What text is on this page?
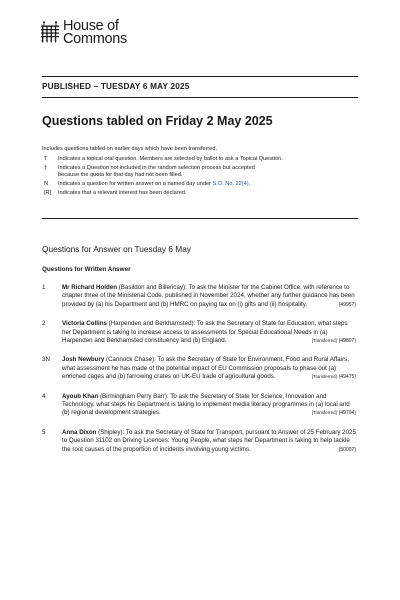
House of
Commons
PUBLISHED – TUESDAY 6 MAY 2025
Questions tabled on Friday 2 May 2025
Includes questions tabled on earlier days which have been transferred.
T	Indicates a topical oral question. Members are selected by ballot to ask a Topical Question.
†	Indicates a Question not included in the random selection process but accepted because the quota for that day had not been filled.
N	Indicates a question for written answer on a named day under S.O. No. 22(4).
[R]	Indicates that a relevant interest has been declared.
Questions for Answer on Tuesday 6 May
Questions for Written Answer
1	Mr Richard Holden (Basildon and Billericay): To ask the Minister for the Cabinet Office, with reference to chapter three of the Ministerial Code, published in November 2024, whether any further guidance has been provided by (a) his Department and (b) HMRC on paying tax on (i) gifts and (ii) hospitality.	(49957)
2	Victoria Collins (Harpenden and Berkhamsted): To ask the Secretary of State for Education, what steps her Department is taking to increase access to assessments for Special Educational Needs in (a) Harpenden and Berkhamsted constituency and (b) England.	[Transferred] (49807)
3N	Josh Newbury (Cannock Chase): To ask the Secretary of State for Environment, Food and Rural Affairs, what assessment he has made of the potential impact of EU Commission proposals to phase out (a) enriched cages and (b) farrowing crates on UK-EU trade of agricultural goods.	[Transferred] (49475)
4	Ayoub Khan (Birmingham Perry Barr): To ask the Secretary of State for Science, Innovation and Technology, what steps his Department is taking to implement media literacy programmes in (a) local and (b) regional development strategies.	[Transferred] (49704)
5	Anna Dixon (Shipley): To ask the Secretary of State for Transport, pursuant to Answer of 25 February 2025 to Question 31102 on Driving Licences: Young People, what steps her Department is taking to help tackle the root causes of the proportion of incidents involving young victims.	(50007)
